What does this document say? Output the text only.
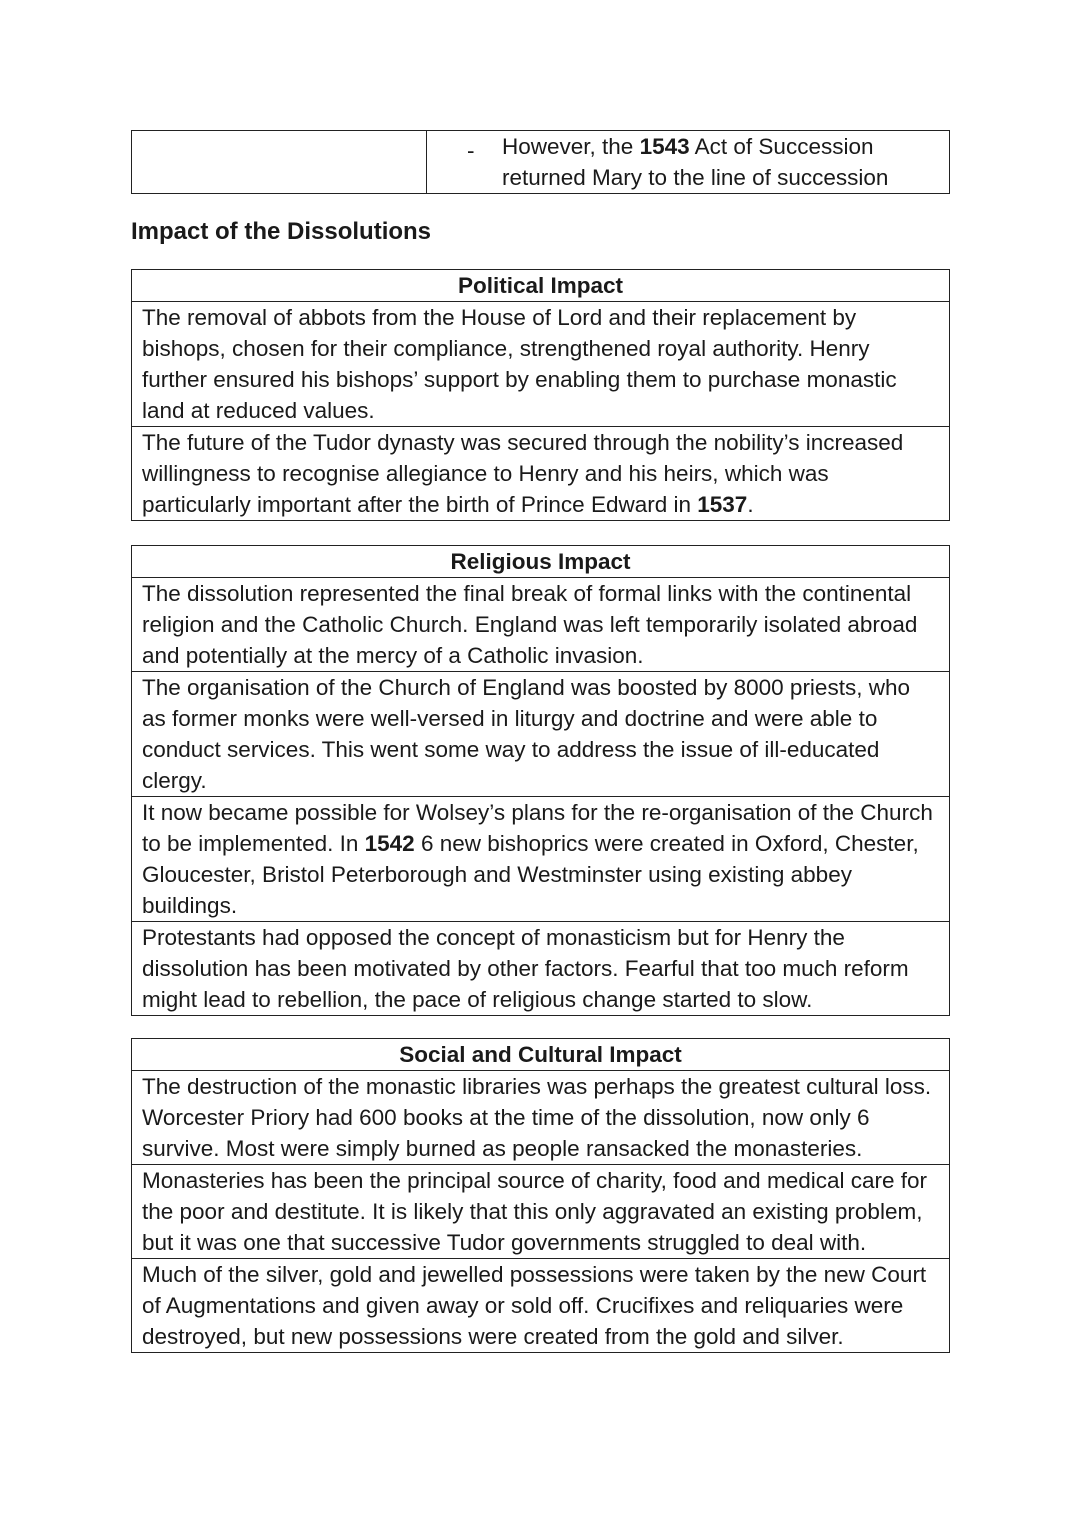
-	However, the 1543 Act of Succession returned Mary to the line of succession
Impact of the Dissolutions
Political Impact
The removal of abbots from the House of Lord and their replacement by bishops, chosen for their compliance, strengthened royal authority. Henry further ensured his bishops’ support by enabling them to purchase monastic land at reduced values.
The future of the Tudor dynasty was secured through the nobility’s increased willingness to recognise allegiance to Henry and his heirs, which was particularly important after the birth of Prince Edward in 1537.
Religious Impact
The dissolution represented the final break of formal links with the continental religion and the Catholic Church. England was left temporarily isolated abroad and potentially at the mercy of a Catholic invasion.
The organisation of the Church of England was boosted by 8000 priests, who as former monks were well-versed in liturgy and doctrine and were able to conduct services. This went some way to address the issue of ill-educated clergy.
It now became possible for Wolsey’s plans for the re-organisation of the Church to be implemented. In 1542 6 new bishoprics were created in Oxford, Chester, Gloucester, Bristol Peterborough and Westminster using existing abbey buildings.
Protestants had opposed the concept of monasticism but for Henry the dissolution has been motivated by other factors. Fearful that too much reform might lead to rebellion, the pace of religious change started to slow.
Social and Cultural Impact
The destruction of the monastic libraries was perhaps the greatest cultural loss. Worcester Priory had 600 books at the time of the dissolution, now only 6 survive. Most were simply burned as people ransacked the monasteries.
Monasteries has been the principal source of charity, food and medical care for the poor and destitute. It is likely that this only aggravated an existing problem, but it was one that successive Tudor governments struggled to deal with.
Much of the silver, gold and jewelled possessions were taken by the new Court of Augmentations and given away or sold off. Crucifixes and reliquaries were destroyed, but new possessions were created from the gold and silver.
